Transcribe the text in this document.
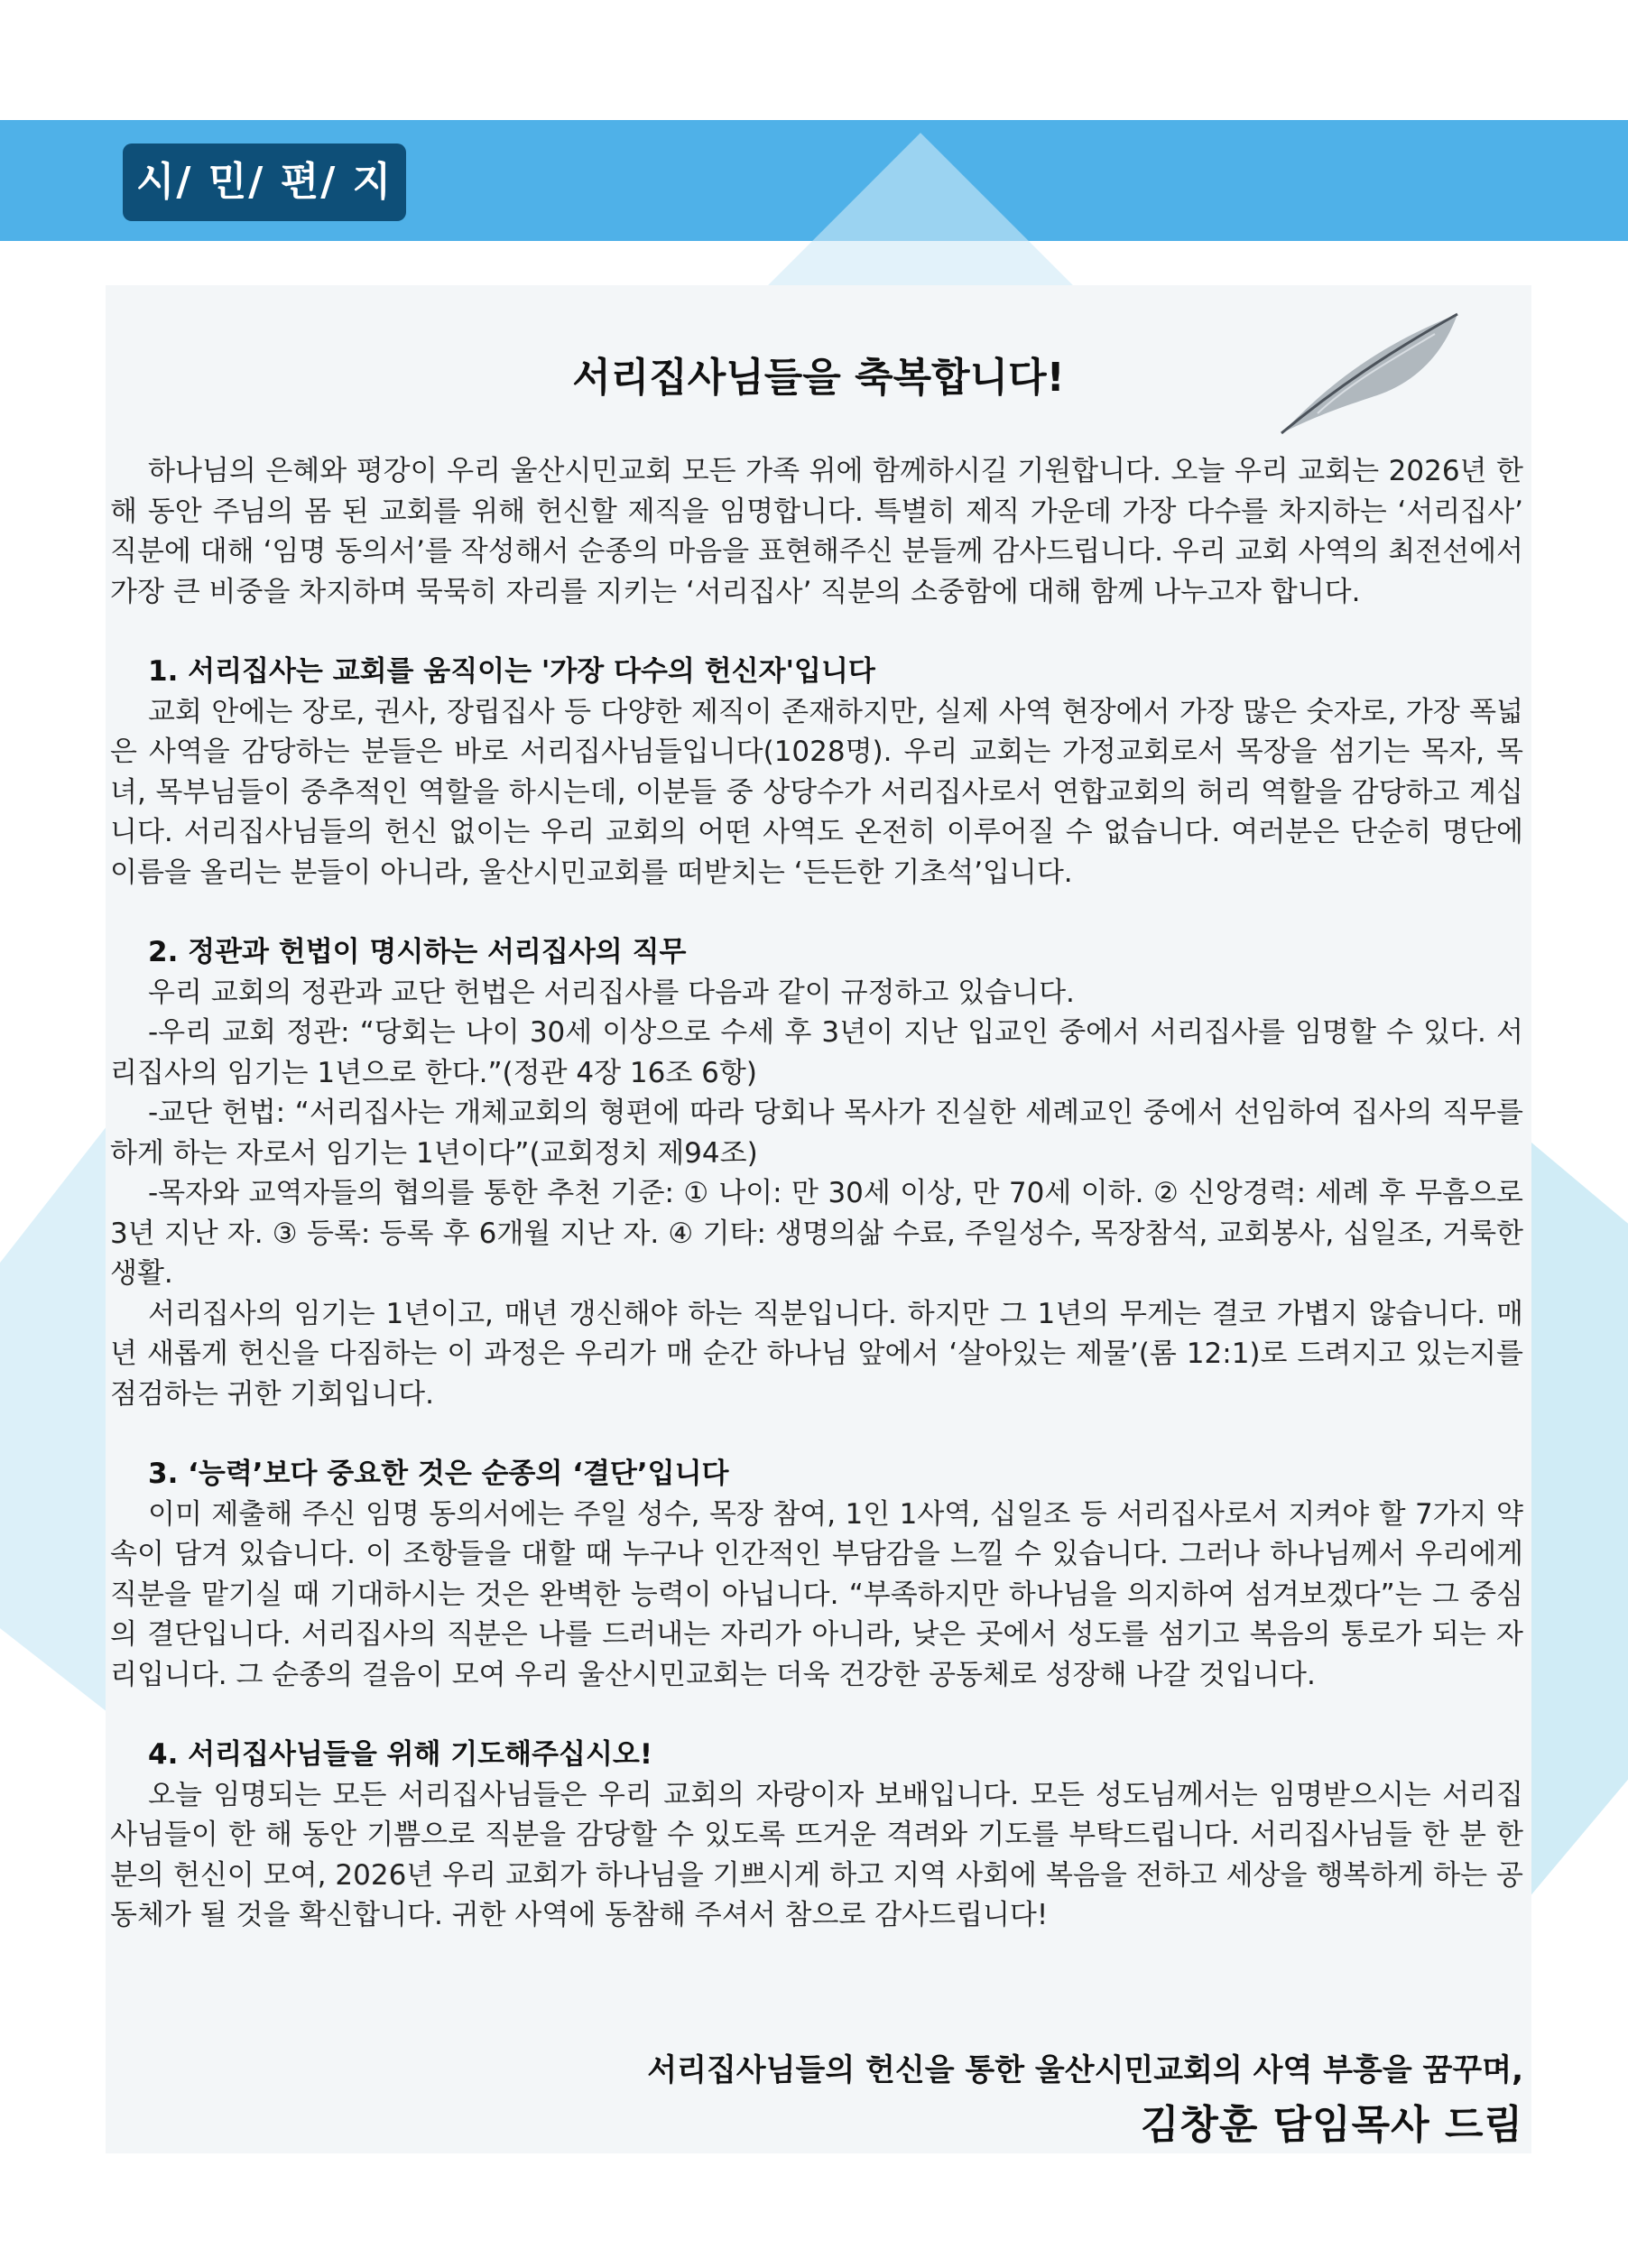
시/ 민/ 편/ 지
서리집사님들을 축복합니다!

하나님의 은혜와 평강이 우리 울산시민교회 모든 가족 위에 함께하시길 기원합니다. 오늘 우리 교회는 2026년 한 해 동안 주님의 몸 된 교회를 위해 헌신할 제직을 임명합니다. 특별히 제직 가운데 가장 다수를 차지하는 ‘서리집사’ 직분에 대해 ‘임명 동의서’를 작성해서 순종의 마음을 표현해주신 분들께 감사드립니다. 우리 교회 사역의 최전선에서 가장 큰 비중을 차지하며 묵묵히 자리를 지키는 ‘서리집사’ 직분의 소중함에 대해 함께 나누고자 합니다.

1. 서리집사는 교회를 움직이는 '가장 다수의 헌신자'입니다

교회 안에는 장로, 권사, 장립집사 등 다양한 제직이 존재하지만, 실제 사역 현장에서 가장 많은 숫자로, 가장 폭넓은 사역을 감당하는 분들은 바로 서리집사님들입니다(1028명). 우리 교회는 가정교회로서 목장을 섬기는 목자, 목녀, 목부님들이 중추적인 역할을 하시는데, 이분들 중 상당수가 서리집사로서 연합교회의 허리 역할을 감당하고 계십니다. 서리집사님들의 헌신 없이는 우리 교회의 어떤 사역도 온전히 이루어질 수 없습니다. 여러분은 단순히 명단에 이름을 올리는 분들이 아니라, 울산시민교회를 떠받치는 ‘든든한 기초석’입니다.

2. 정관과 헌법이 명시하는 서리집사의 직무

우리 교회의 정관과 교단 헌법은 서리집사를 다음과 같이 규정하고 있습니다.

-우리 교회 정관: “당회는 나이 30세 이상으로 수세 후 3년이 지난 입교인 중에서 서리집사를 임명할 수 있다. 서리집사의 임기는 1년으로 한다.”(정관 4장 16조 6항)

-교단 헌법: “서리집사는 개체교회의 형편에 따라 당회나 목사가 진실한 세례교인 중에서 선임하여 집사의 직무를 하게 하는 자로서 임기는 1년이다”(교회정치 제94조)

-목자와 교역자들의 협의를 통한 추천 기준: ① 나이: 만 30세 이상, 만 70세 이하. ② 신앙경력: 세례 후 무흠으로 3년 지난 자. ③ 등록: 등록 후 6개월 지난 자. ④ 기타: 생명의삶 수료, 주일성수, 목장참석, 교회봉사, 십일조, 거룩한 생활.

서리집사의 임기는 1년이고, 매년 갱신해야 하는 직분입니다. 하지만 그 1년의 무게는 결코 가볍지 않습니다. 매년 새롭게 헌신을 다짐하는 이 과정은 우리가 매 순간 하나님 앞에서 ‘살아있는 제물’(롬 12:1)로 드려지고 있는지를 점검하는 귀한 기회입니다.

3. ‘능력’보다 중요한 것은 순종의 ‘결단’입니다

이미 제출해 주신 임명 동의서에는 주일 성수, 목장 참여, 1인 1사역, 십일조 등 서리집사로서 지켜야 할 7가지 약속이 담겨 있습니다. 이 조항들을 대할 때 누구나 인간적인 부담감을 느낄 수 있습니다. 그러나 하나님께서 우리에게 직분을 맡기실 때 기대하시는 것은 완벽한 능력이 아닙니다. “부족하지만 하나님을 의지하여 섬겨보겠다”는 그 중심의 결단입니다. 서리집사의 직분은 나를 드러내는 자리가 아니라, 낮은 곳에서 성도를 섬기고 복음의 통로가 되는 자리입니다. 그 순종의 걸음이 모여 우리 울산시민교회는 더욱 건강한 공동체로 성장해 나갈 것입니다.

4. 서리집사님들을 위해 기도해주십시오!

오늘 임명되는 모든 서리집사님들은 우리 교회의 자랑이자 보배입니다. 모든 성도님께서는 임명받으시는 서리집사님들이 한 해 동안 기쁨으로 직분을 감당할 수 있도록 뜨거운 격려와 기도를 부탁드립니다. 서리집사님들 한 분 한 분의 헌신이 모여, 2026년 우리 교회가 하나님을 기쁘시게 하고 지역 사회에 복음을 전하고 세상을 행복하게 하는 공동체가 될 것을 확신합니다. 귀한 사역에 동참해 주셔서 참으로 감사드립니다!

서리집사님들의 헌신을 통한 울산시민교회의 사역 부흥을 꿈꾸며,
김창훈 담임목사 드림
